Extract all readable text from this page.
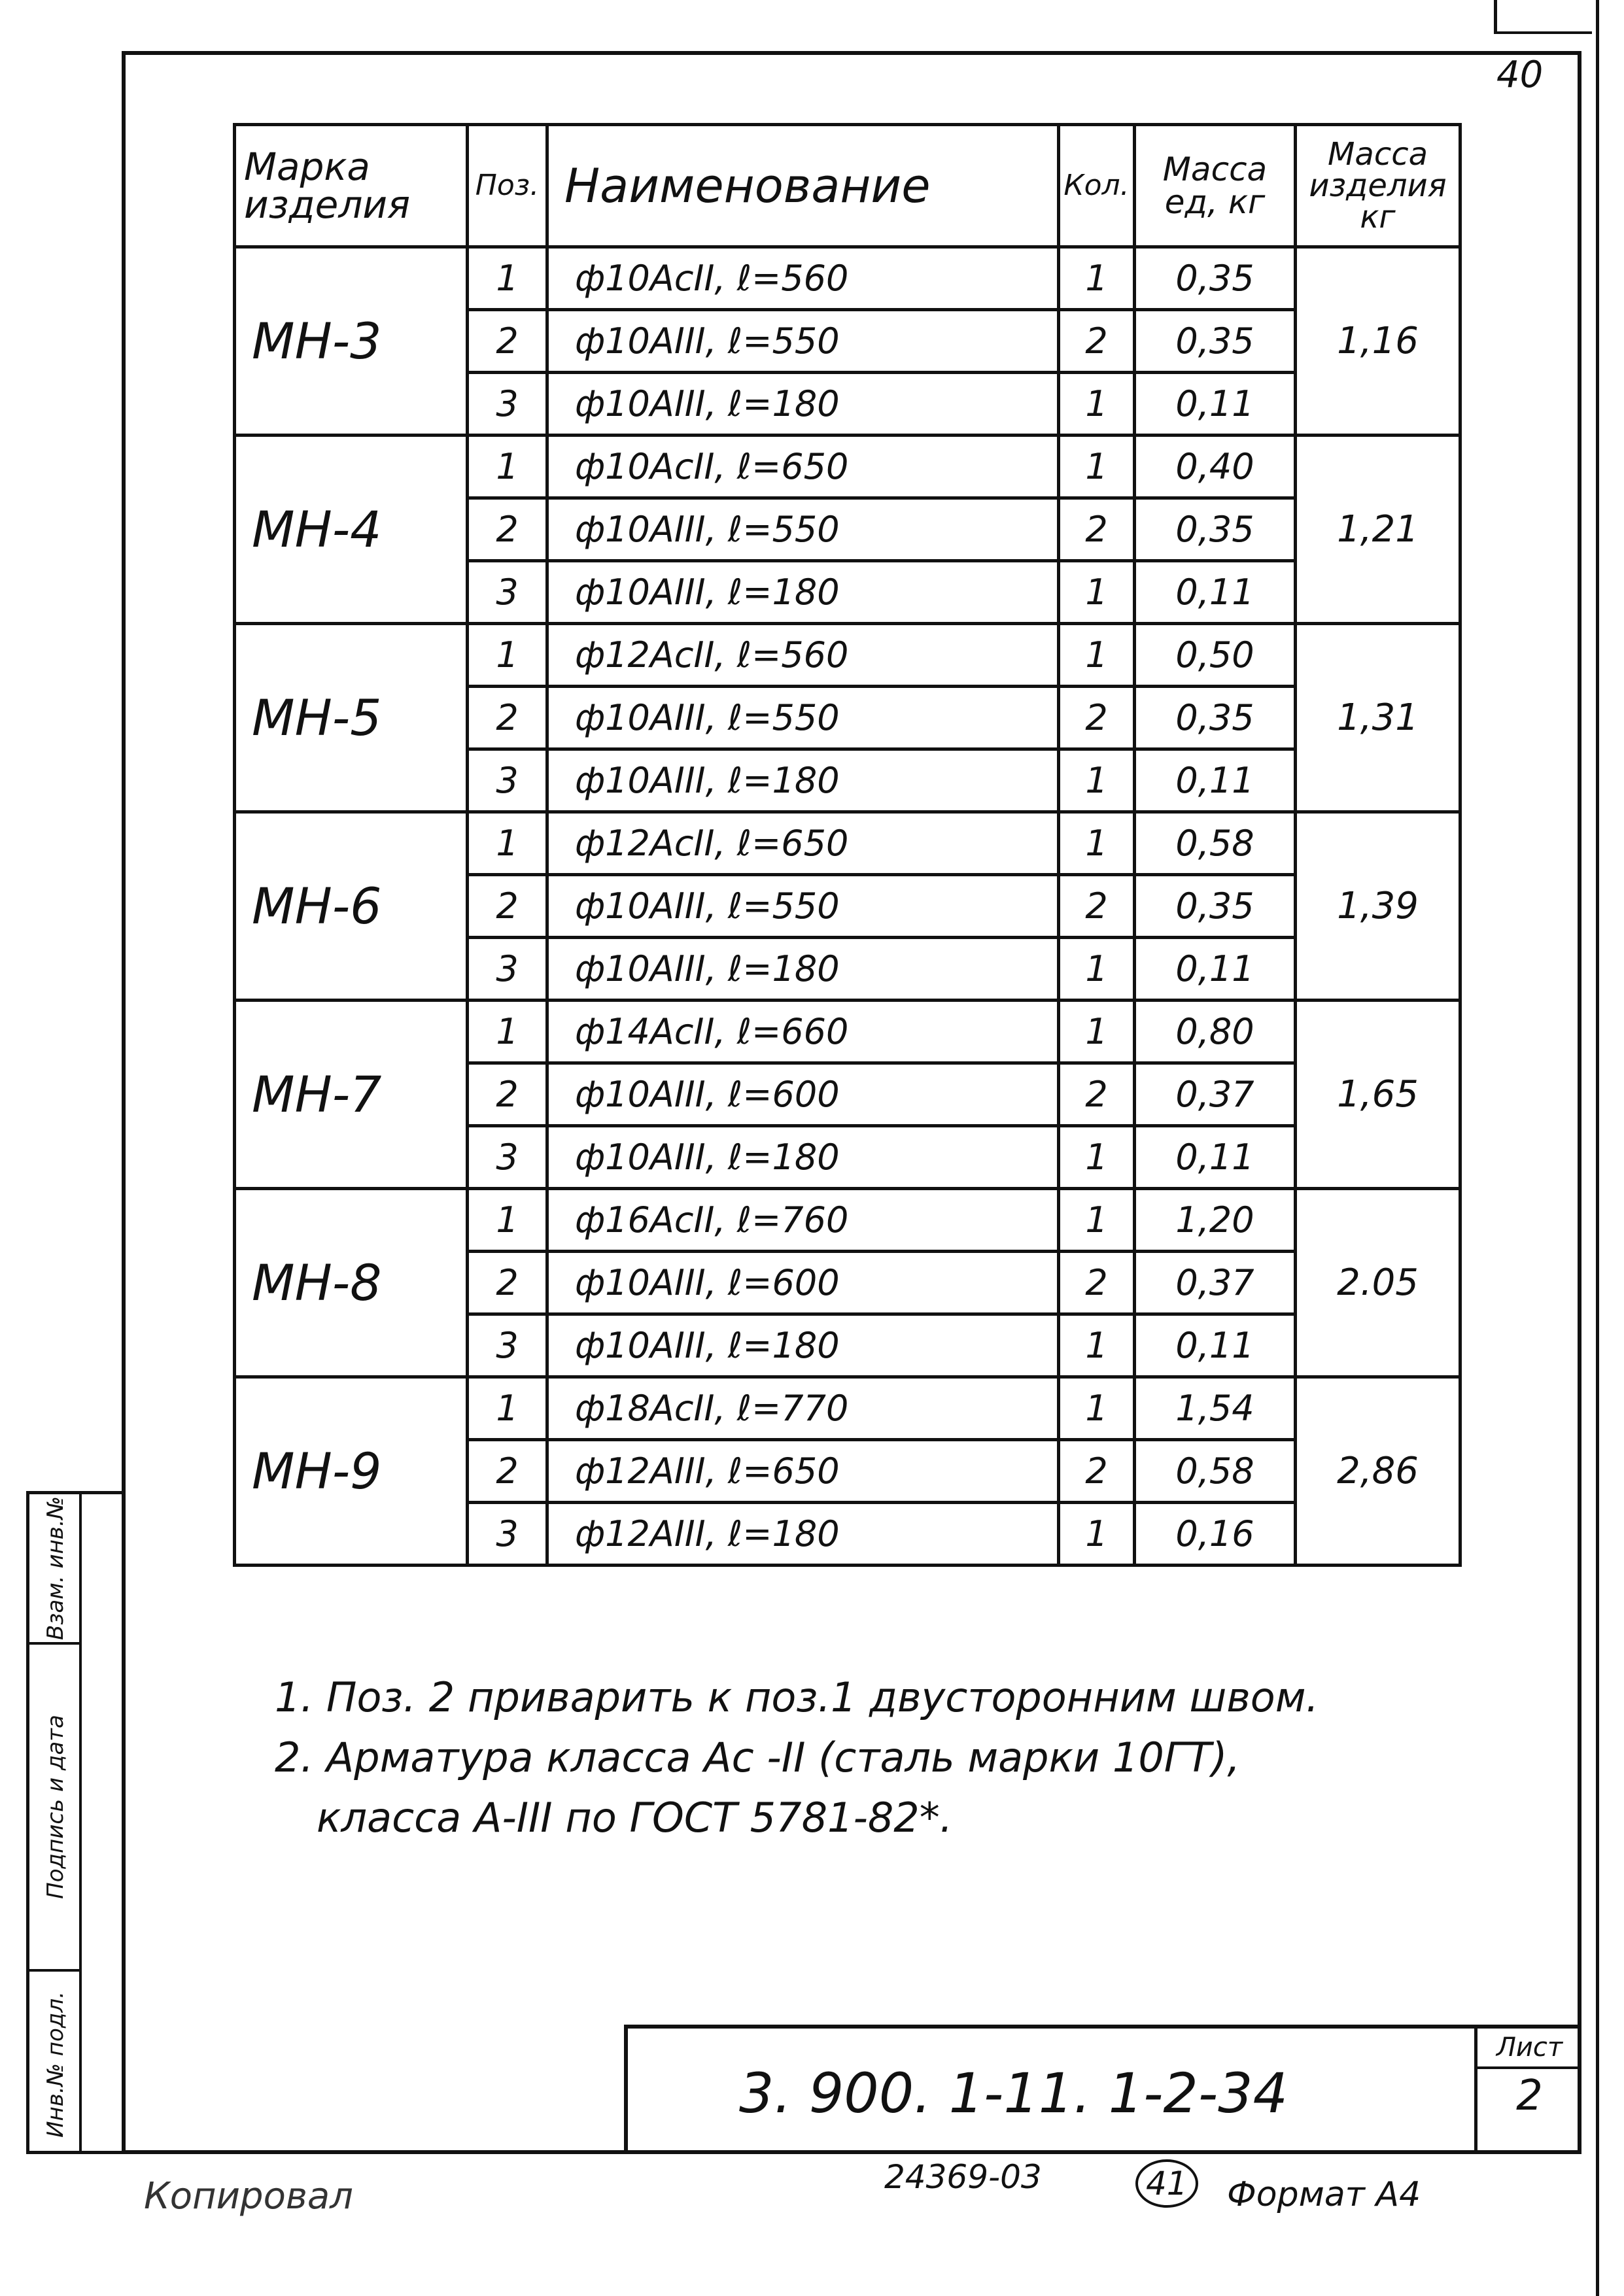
40
Взам. инв.№
Подпись и дата
Инв.№ подл.
Марка изделия	Поз.	Наименование	Кол.	Масса ед, кг	Масса изделия кг
МН-3	1	ф10АсII, ℓ=560	1	0,35	1,16
	2	ф10АIII, ℓ=550	2	0,35	
	3	ф10АIII, ℓ=180	1	0,11	
МН-4	1	ф10АсII, ℓ=650	1	0,40	1,21
	2	ф10АIII, ℓ=550	2	0,35	
	3	ф10АIII, ℓ=180	1	0,11	
МН-5	1	ф12АсII, ℓ=560	1	0,50	1,31
	2	ф10АIII, ℓ=550	2	0,35	
	3	ф10АIII, ℓ=180	1	0,11	
МН-6	1	ф12АсII, ℓ=650	1	0,58	1,39
	2	ф10АIII, ℓ=550	2	0,35	
	3	ф10АIII, ℓ=180	1	0,11	
МН-7	1	ф14АсII, ℓ=660	1	0,80	1,65
	2	ф10АIII, ℓ=600	2	0,37	
	3	ф10АIII, ℓ=180	1	0,11	
МН-8	1	ф16АсII, ℓ=760	1	1,20	2.05
	2	ф10АIII, ℓ=600	2	0,37	
	3	ф10АIII, ℓ=180	1	0,11	
МН-9	1	ф18АсII, ℓ=770	1	1,54	2,86
	2	ф12АIII, ℓ=650	2	0,58	
	3	ф12АIII, ℓ=180	1	0,16	
1. Поз. 2 приварить к поз.1 двусторонним швом.
2. Арматура класса Ас -II (сталь марки 10ГТ),
класса А-III по ГОСТ 5781-82*.
3. 900. 1-11. 1-2-34
Лист
2
Копировал	24369-03	41	Формат А4
